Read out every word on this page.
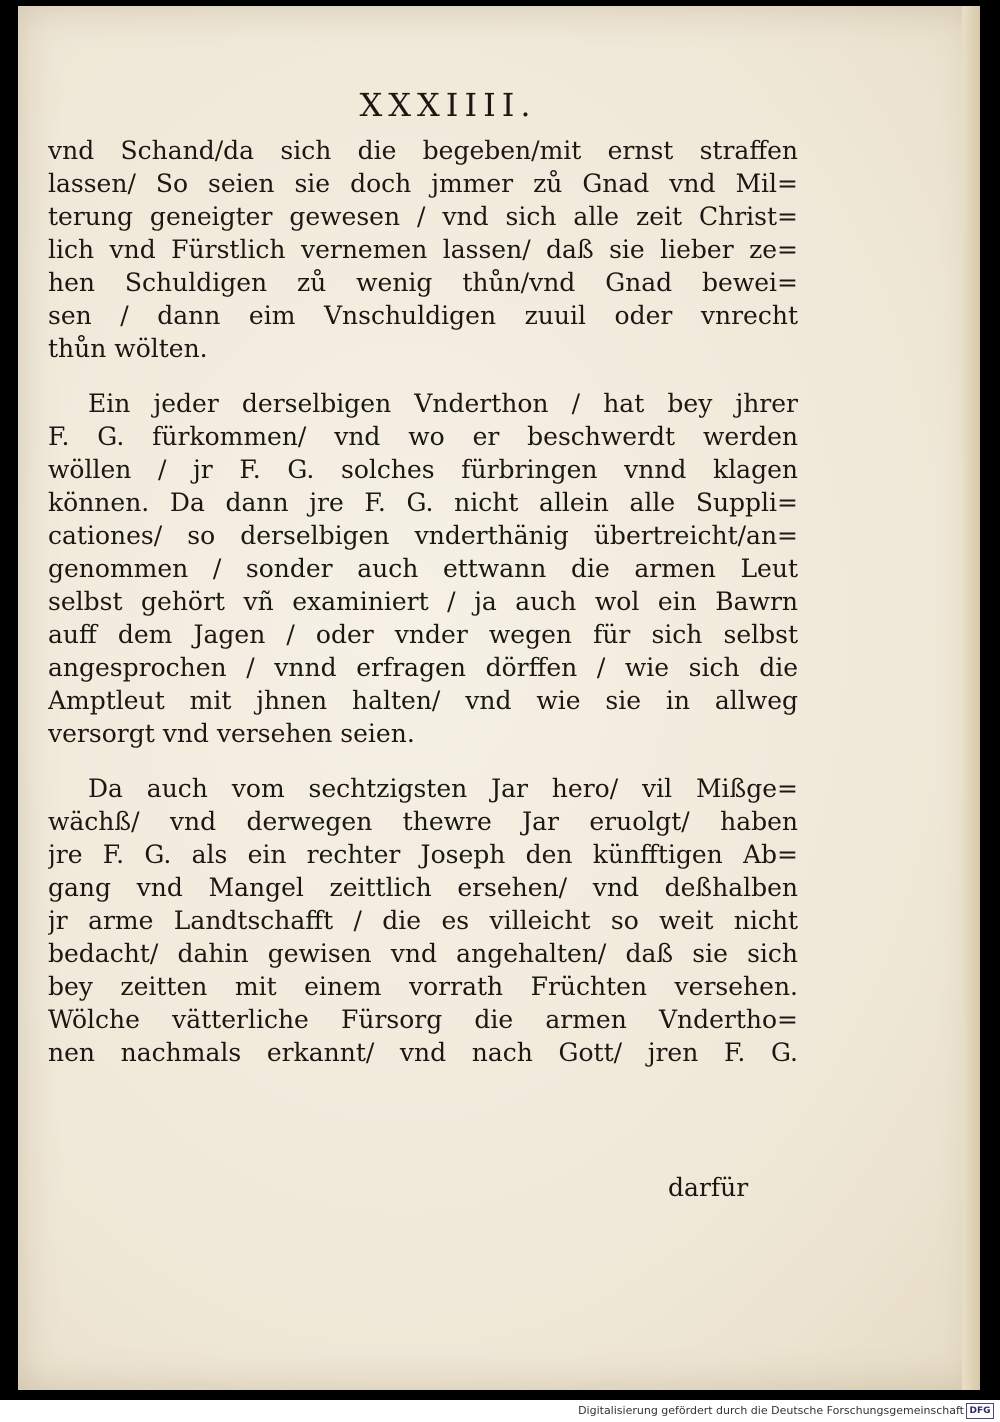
XXXIIII.
vnd Schand/da sich die begeben/mit ernst straffen
lassen/ So seien sie doch jmmer zů Gnad vnd Mil=
terung geneigter gewesen / vnd sich alle zeit Christ=
lich vnd Fürstlich vernemen lassen/ daß sie lieber ze=
hen Schuldigen zů wenig thůn/vnd Gnad bewei=
sen / dann eim Vnschuldigen zuuil oder vnrecht
thůn wölten.
Ein jeder derselbigen Vnderthon / hat bey jhrer
F. G. fürkommen/ vnd wo er beschwerdt werden
wöllen / jr F. G. solches fürbringen vnnd klagen
können. Da dann jre F. G. nicht allein alle Suppli=
cationes/ so derselbigen vnderthänig übertreicht/an=
genommen / sonder auch ettwann die armen Leut
selbst gehört vñ examiniert / ja auch wol ein Bawrn
auff dem Jagen / oder vnder wegen für sich selbst
angesprochen / vnnd erfragen dörffen / wie sich die
Amptleut mit jhnen halten/ vnd wie sie in allweg
versorgt vnd versehen seien.
Da auch vom sechtzigsten Jar hero/ vil Mißge=
wächß/ vnd derwegen thewre Jar eruolgt/ haben
jre F. G. als ein rechter Joseph den künfftigen Ab=
gang vnd Mangel zeittlich ersehen/ vnd deßhalben
jr arme Landtschafft / die es villeicht so weit nicht
bedacht/ dahin gewisen vnd angehalten/ daß sie sich
bey zeitten mit einem vorrath Früchten versehen.
Wölche vätterliche Fürsorg die armen Vndertho=
nen nachmals erkannt/ vnd nach Gott/ jren F. G.
darfür
Digitalisierung gefördert durch die Deutsche Forschungsgemeinschaft DFG
